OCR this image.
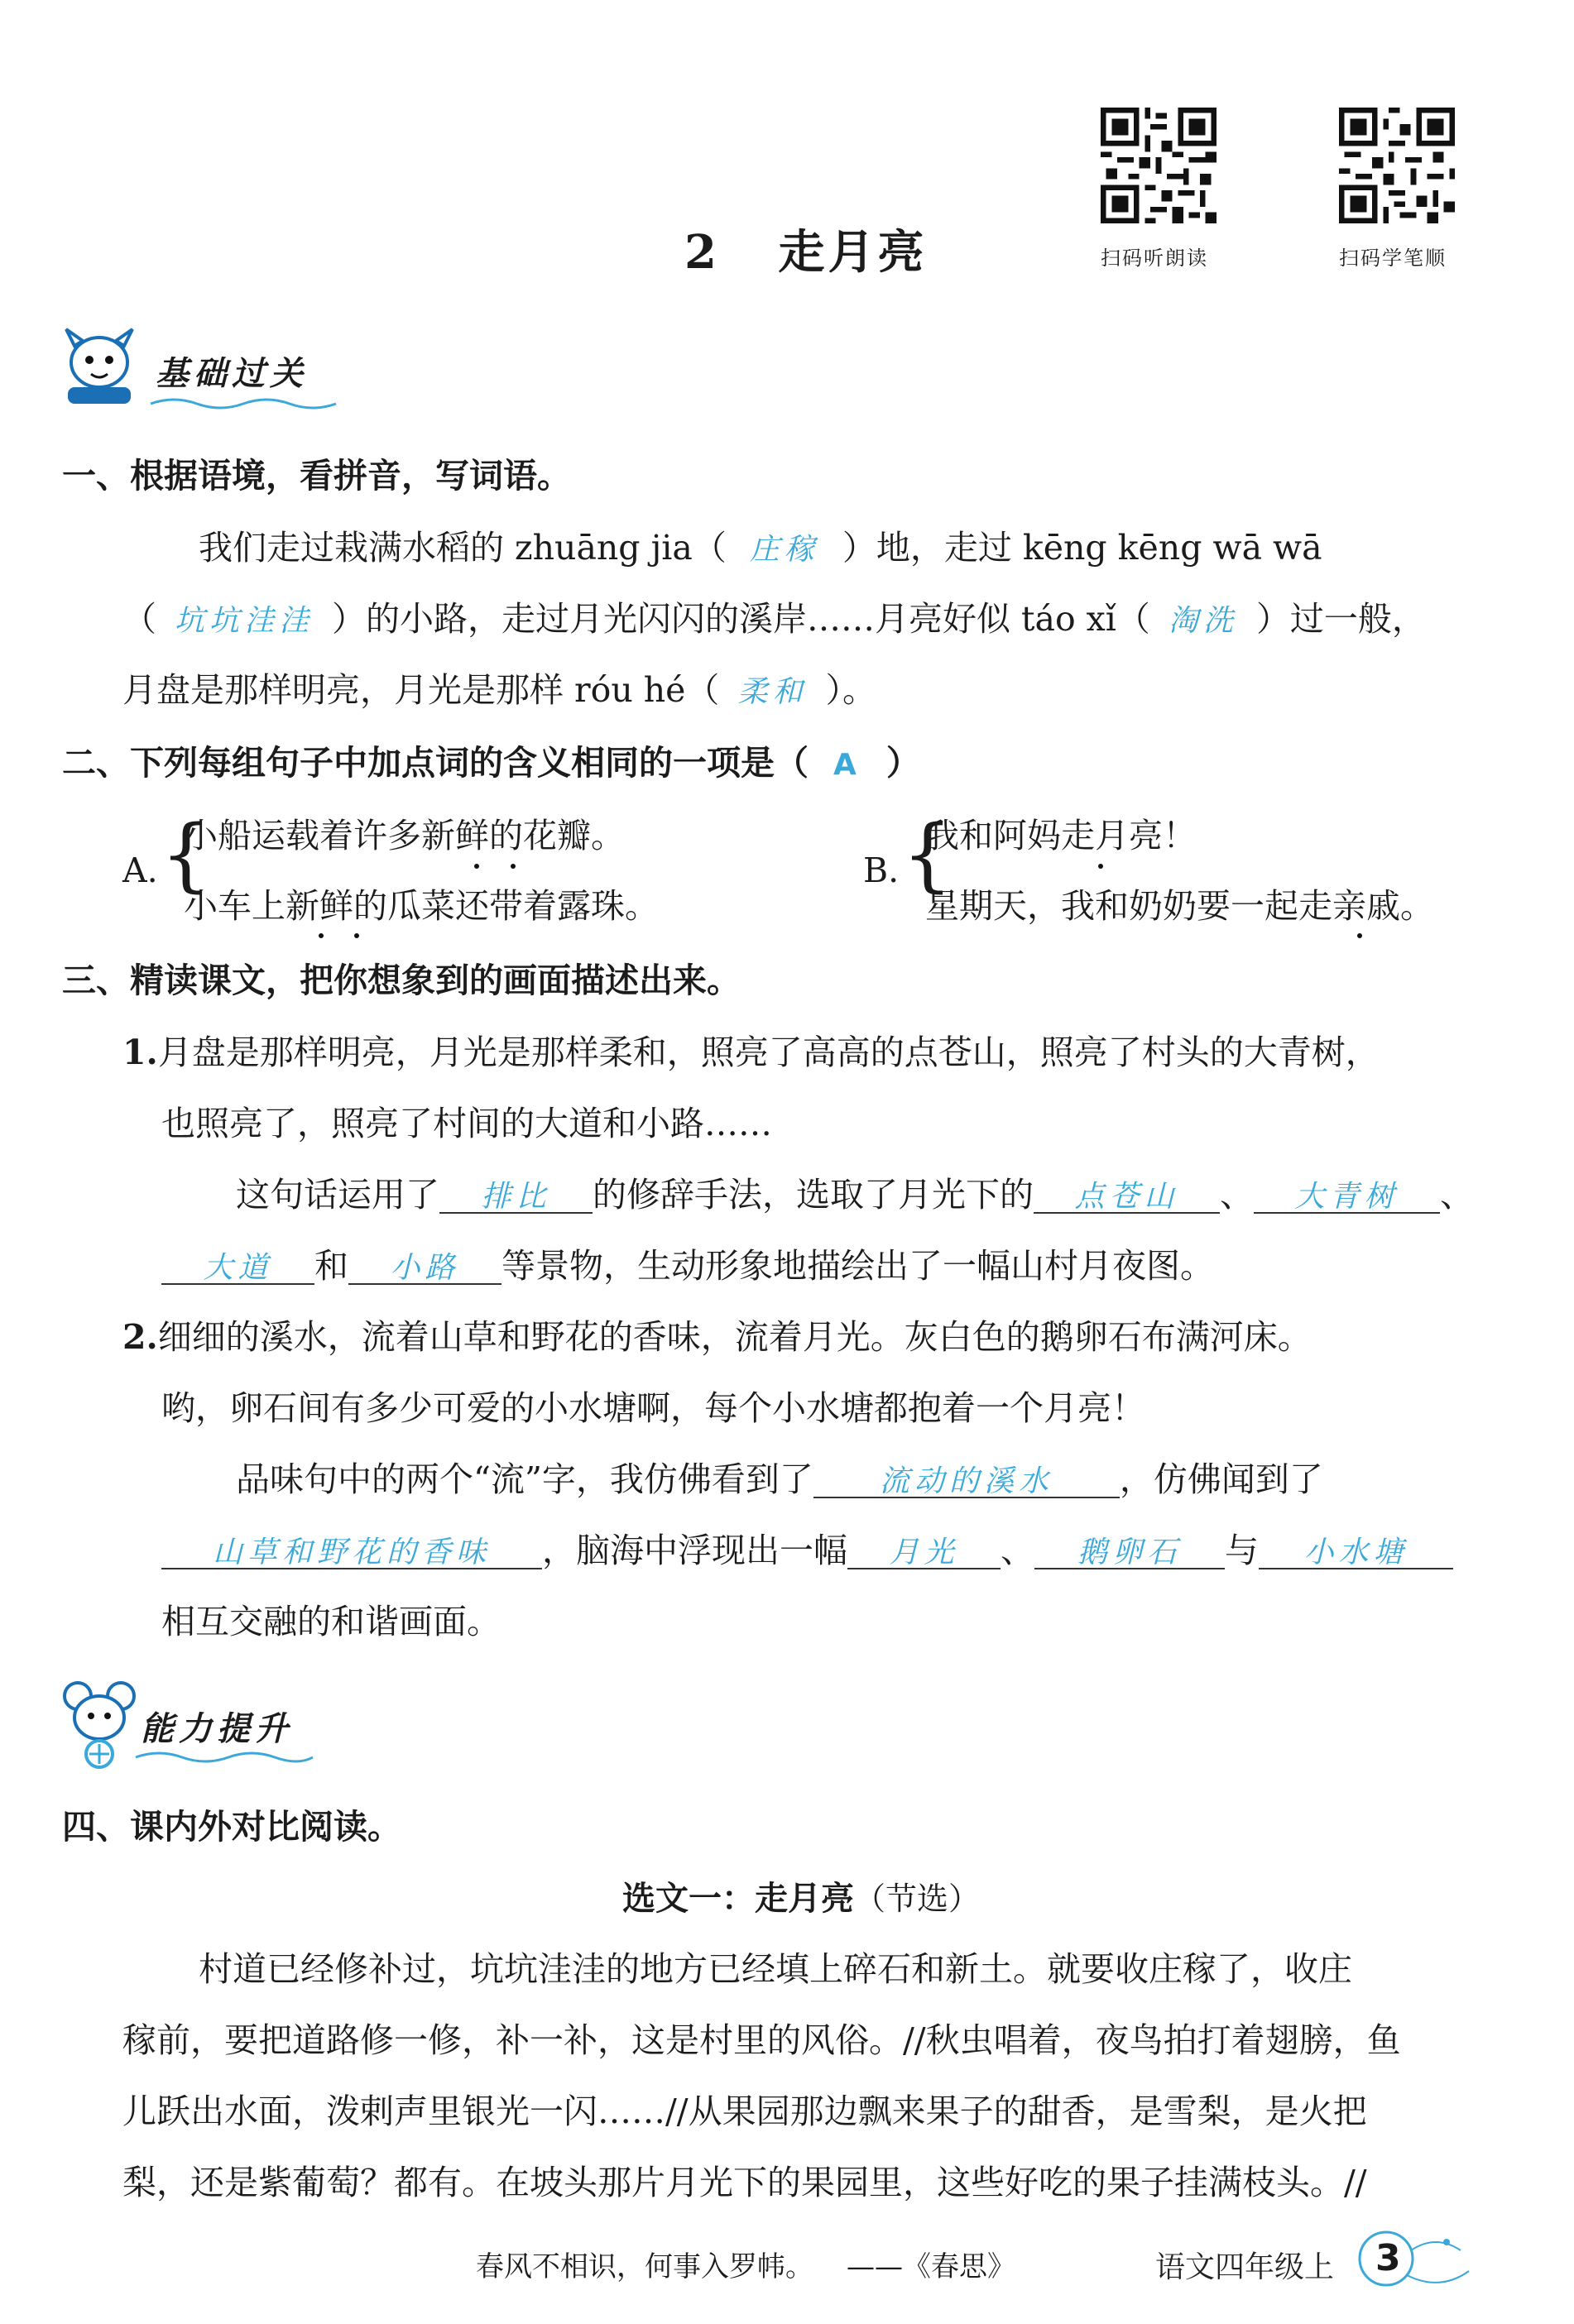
2 走月亮	扫码听朗读	扫码学笔顺
基础过关
一、根据语境，看拼音，写词语。
我们走过栽满水稻的 zhuāng jia（ 庄稼 ）地，走过 kēng kēng wā wā
（ 坑坑洼洼 ）的小路，走过月光闪闪的溪岸……月亮好似 táo xǐ（ 淘洗 ）过一般，
月盘是那样明亮，月光是那样 róu hé（ 柔和 ）。
二、下列每组句子中加点词的含义相同的一项是（ A ）
A. {
小船运载着许多新鲜的花瓣。
小车上新鲜的瓜菜还带着露珠。
B. {
我和阿妈走月亮！
星期天，我和奶奶要一起走亲戚。
三、精读课文，把你想象到的画面描述出来。
1.月盘是那样明亮，月光是那样柔和，照亮了高高的点苍山，照亮了村头的大青树，
也照亮了，照亮了村间的大道和小路……
这句话运用了 排比 的修辞手法，选取了月光下的 点苍山 、 大青树 、
大道 和 小路 等景物，生动形象地描绘出了一幅山村月夜图。
2.细细的溪水，流着山草和野花的香味，流着月光。灰白色的鹅卵石布满河床。
哟，卵石间有多少可爱的小水塘啊，每个小水塘都抱着一个月亮！
品味句中的两个“流”字，我仿佛看到了 流动的溪水 ，仿佛闻到了
山草和野花的香味 ，脑海中浮现出一幅 月光 、 鹅卵石 与 小水塘
相互交融的和谐画面。
能力提升
四、课内外对比阅读。
选文一：走月亮（节选）
村道已经修补过，坑坑洼洼的地方已经填上碎石和新土。就要收庄稼了，收庄
稼前，要把道路修一修，补一补，这是村里的风俗。//秋虫唱着，夜鸟拍打着翅膀，鱼
儿跃出水面，泼剌声里银光一闪……//从果园那边飘来果子的甜香，是雪梨，是火把
梨，还是紫葡萄？都有。在坡头那片月光下的果园里，这些好吃的果子挂满枝头。//
春风不相识，何事入罗帏。 ——《春思》	语文四年级上 3
